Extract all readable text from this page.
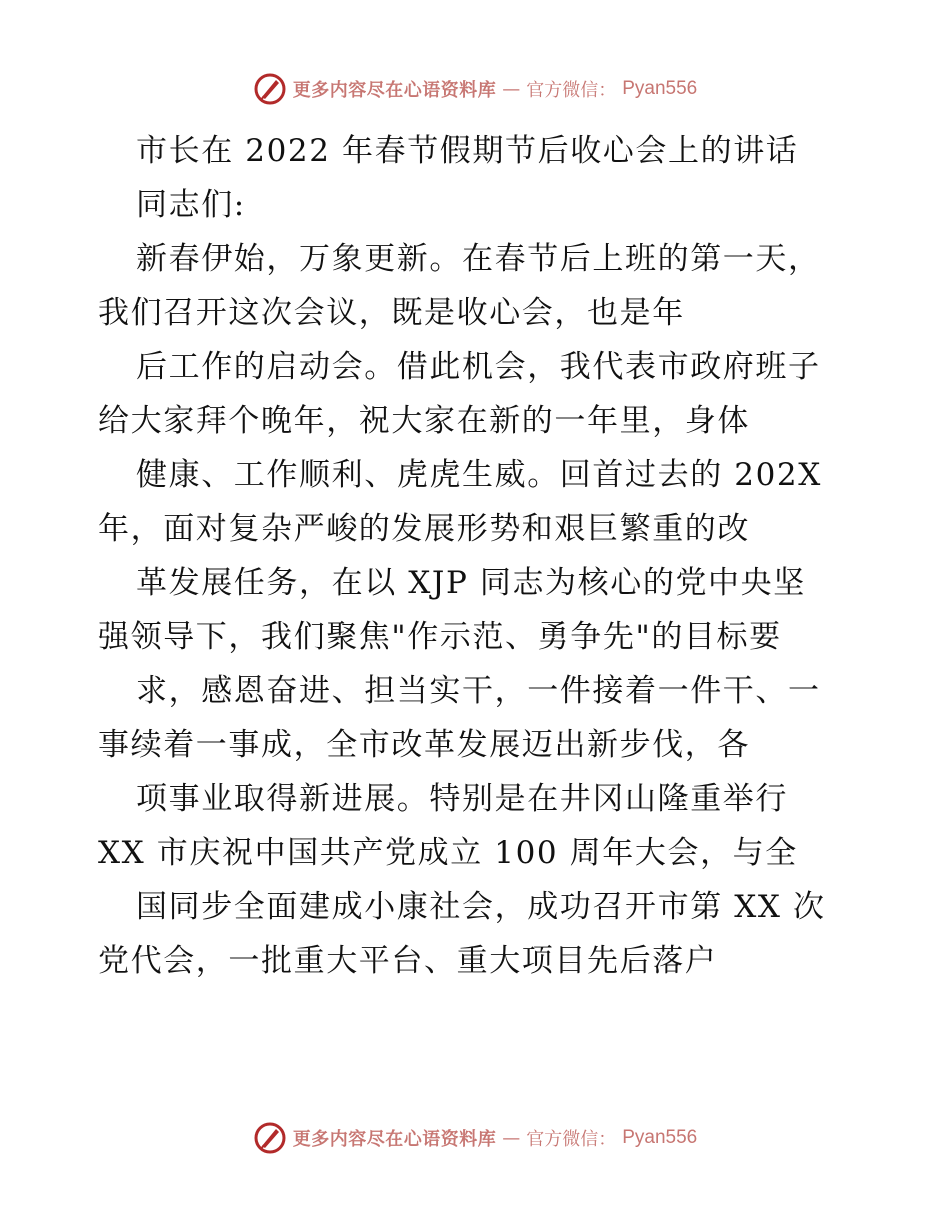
更多内容尽在心语资料库 — 官方微信： Pyan556
市长在 2022 年春节假期节后收心会上的讲话
同志们:
新春伊始，万象更新。在春节后上班的第一天，
我们召开这次会议，既是收心会，也是年
后工作的启动会。借此机会，我代表市政府班子
给大家拜个晚年，祝大家在新的一年里，身体
健康、工作顺利、虎虎生威。回首过去的 202X
年，面对复杂严峻的发展形势和艰巨繁重的改
革发展任务，在以 XJP 同志为核心的党中央坚
强领导下，我们聚焦"作示范、勇争先"的目标要
求，感恩奋进、担当实干，一件接着一件干、一
事续着一事成，全市改革发展迈出新步伐，各
项事业取得新进展。特别是在井冈山隆重举行
XX 市庆祝中国共产党成立 100 周年大会，与全
国同步全面建成小康社会，成功召开市第 XX 次
党代会，一批重大平台、重大项目先后落户
更多内容尽在心语资料库 — 官方微信： Pyan556
